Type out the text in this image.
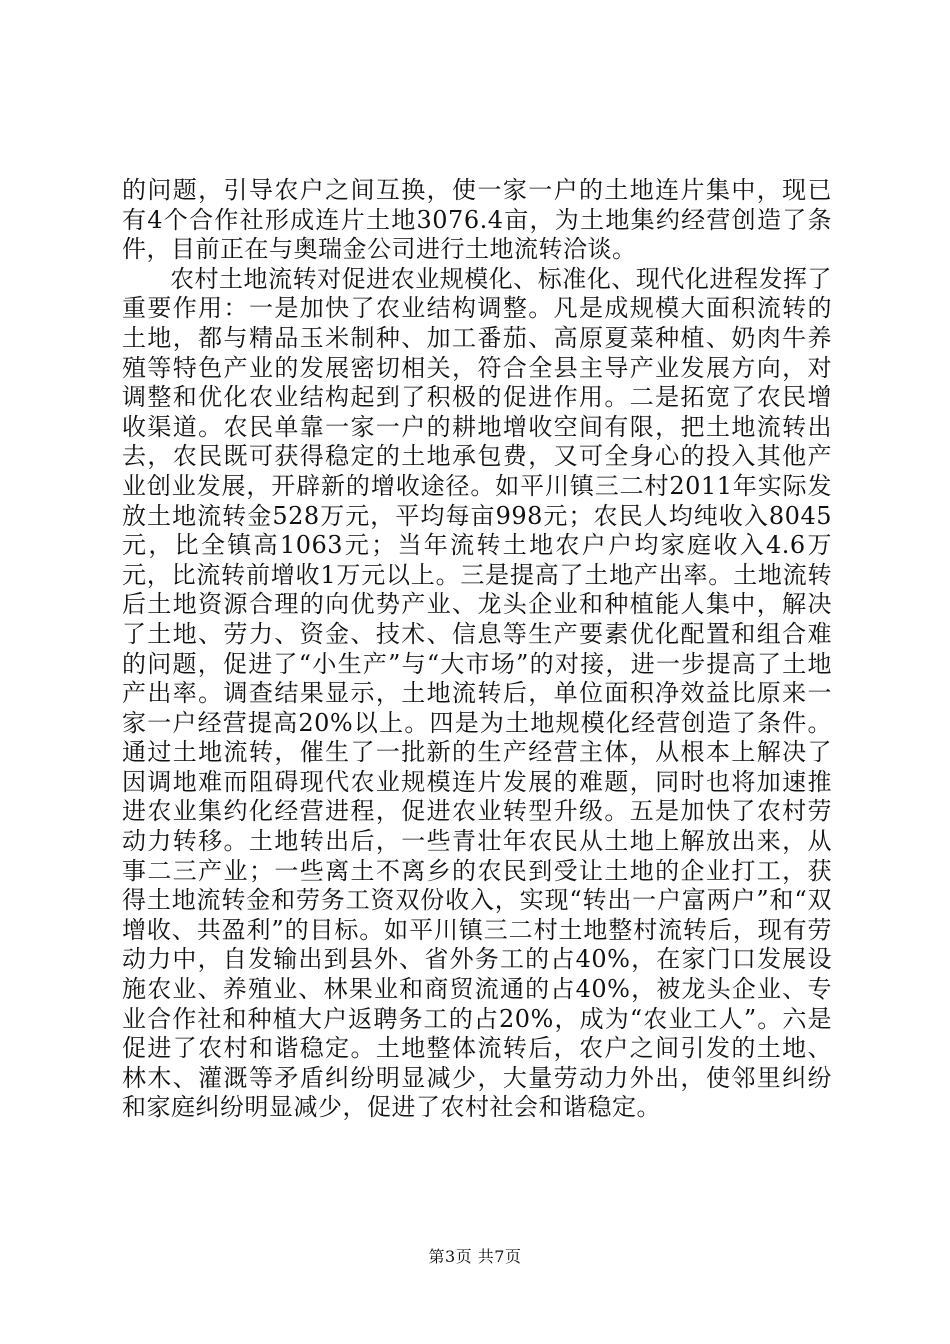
的问题，引导农户之间互换，使一家一户的土地连片集中，现已有4个合作社形成连片土地3076.4亩，为土地集约经营创造了条件，目前正在与奥瑞金公司进行土地流转洽谈。

农村土地流转对促进农业规模化、标准化、现代化进程发挥了重要作用：一是加快了农业结构调整。凡是成规模大面积流转的土地，都与精品玉米制种、加工番茄、高原夏菜种植、奶肉牛养殖等特色产业的发展密切相关，符合全县主导产业发展方向，对调整和优化农业结构起到了积极的促进作用。二是拓宽了农民增收渠道。农民单靠一家一户的耕地增收空间有限，把土地流转出去，农民既可获得稳定的土地承包费，又可全身心的投入其他产业创业发展，开辟新的增收途径。如平川镇三二村2011年实际发放土地流转金528万元，平均每亩998元；农民人均纯收入8045元，比全镇高1063元；当年流转土地农户户均家庭收入4.6万元，比流转前增收1万元以上。三是提高了土地产出率。土地流转后土地资源合理的向优势产业、龙头企业和种植能人集中，解决了土地、劳力、资金、技术、信息等生产要素优化配置和组合难的问题，促进了“小生产”与“大市场”的对接，进一步提高了土地产出率。调查结果显示，土地流转后，单位面积净效益比原来一家一户经营提高20%以上。四是为土地规模化经营创造了条件。通过土地流转，催生了一批新的生产经营主体，从根本上解决了因调地难而阻碍现代农业规模连片发展的难题，同时也将加速推进农业集约化经营进程，促进农业转型升级。五是加快了农村劳动力转移。土地转出后，一些青壮年农民从土地上解放出来，从事二三产业；一些离土不离乡的农民到受让土地的企业打工，获得土地流转金和劳务工资双份收入，实现“转出一户富两户”和“双增收、共盈利”的目标。如平川镇三二村土地整村流转后，现有劳动力中，自发输出到县外、省外务工的占40%，在家门口发展设施农业、养殖业、林果业和商贸流通的占40%，被龙头企业、专业合作社和种植大户返聘务工的占20%，成为“农业工人”。六是促进了农村和谐稳定。土地整体流转后，农户之间引发的土地、林木、灌溉等矛盾纠纷明显减少，大量劳动力外出，使邻里纠纷和家庭纠纷明显减少，促进了农村社会和谐稳定。

第3页 共7页
